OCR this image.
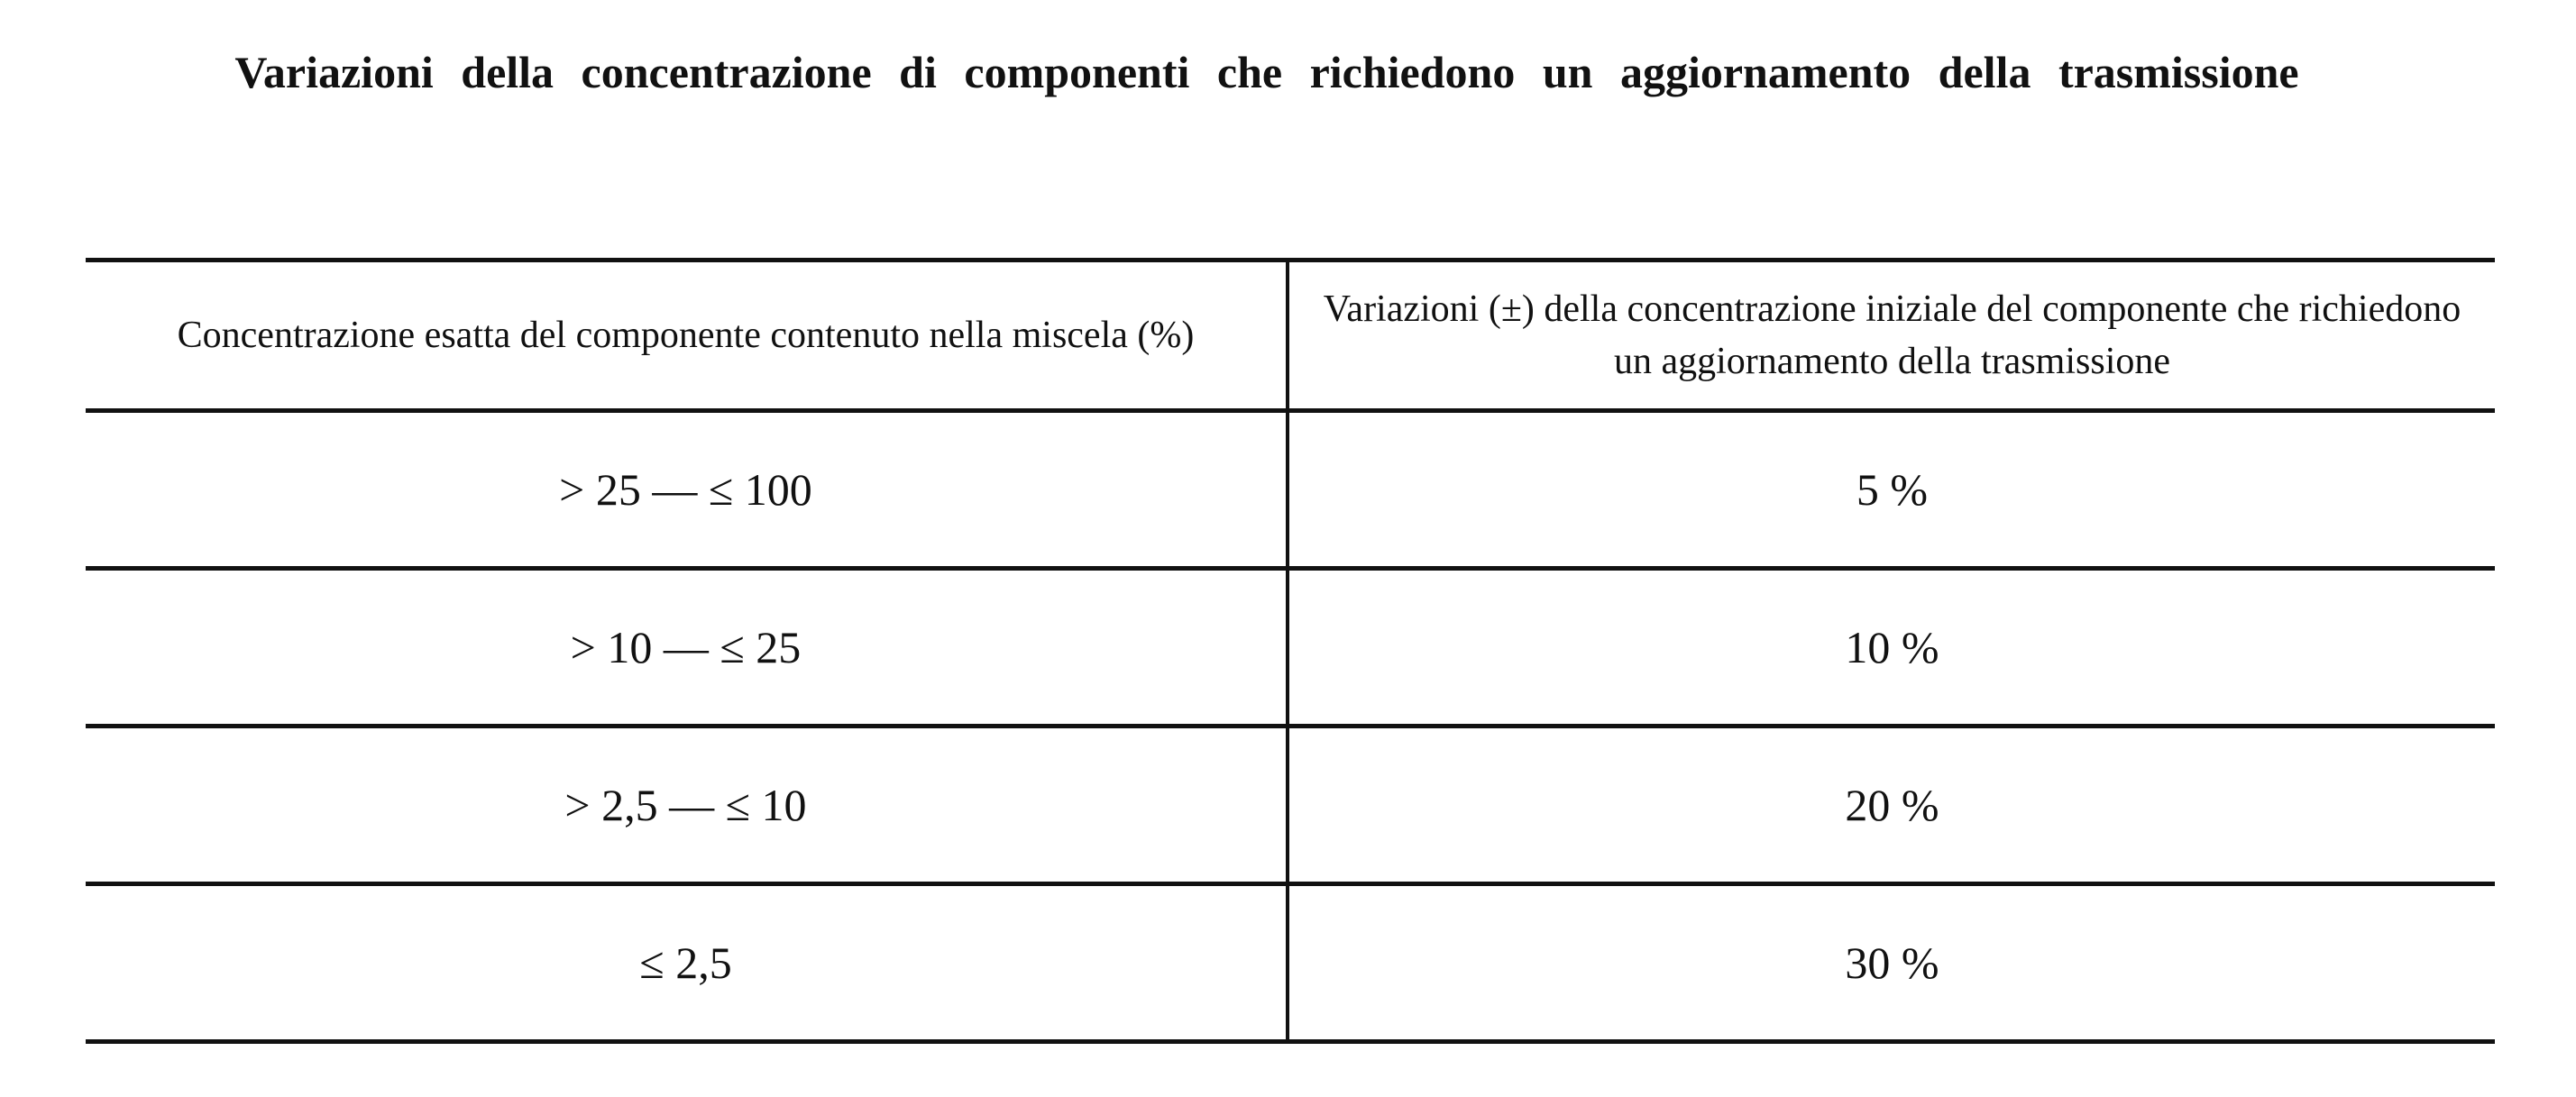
Variazioni della concentrazione di componenti che richiedono un aggiornamento della trasmissione
Concentrazione esatta del componente contenuto nella miscela (%)	Variazioni (±) della concentrazione iniziale del componente che richiedono un aggiornamento della trasmissione
> 25 — ≤ 100	5 %
> 10 — ≤ 25	10 %
> 2,5 — ≤ 10	20 %
≤ 2,5	30 %
